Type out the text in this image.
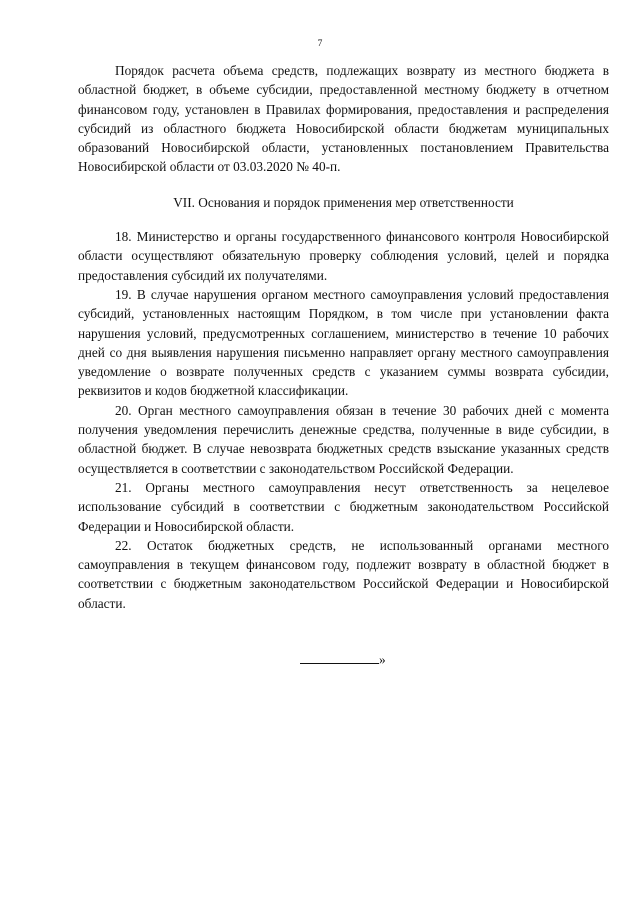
7

Порядок расчета объема средств, подлежащих возврату из местного бюджета в областной бюджет, в объеме субсидии, предоставленной местному бюджету в отчетном финансовом году, установлен в Правилах формирования, предоставления и распределения субсидий из областного бюджета Новосибирской области бюджетам муниципальных образований Новосибирской области, установленных постановлением Правительства Новосибирской области от 03.03.2020 № 40-п.

VII. Основания и порядок применения мер ответственности

18. Министерство и органы государственного финансового контроля Новосибирской области осуществляют обязательную проверку соблюдения условий, целей и порядка предоставления субсидий их получателями.

19. В случае нарушения органом местного самоуправления условий предоставления субсидий, установленных настоящим Порядком, в том числе при установлении факта нарушения условий, предусмотренных соглашением, министерство в течение 10 рабочих дней со дня выявления нарушения письменно направляет органу местного самоуправления уведомление о возврате полученных средств с указанием суммы возврата субсидии, реквизитов и кодов бюджетной классификации.

20. Орган местного самоуправления обязан в течение 30 рабочих дней с момента получения уведомления перечислить денежные средства, полученные в виде субсидии, в областной бюджет. В случае невозврата бюджетных средств взыскание указанных средств осуществляется в соответствии с законодательством Российской Федерации.

21. Органы местного самоуправления несут ответственность за нецелевое использование субсидий в соответствии с бюджетным законодательством Российской Федерации и Новосибирской области.

22. Остаток бюджетных средств, не использованный органами местного самоуправления в текущем финансовом году, подлежит возврату в областной бюджет в соответствии с бюджетным законодательством Российской Федерации и Новосибирской области.

»
